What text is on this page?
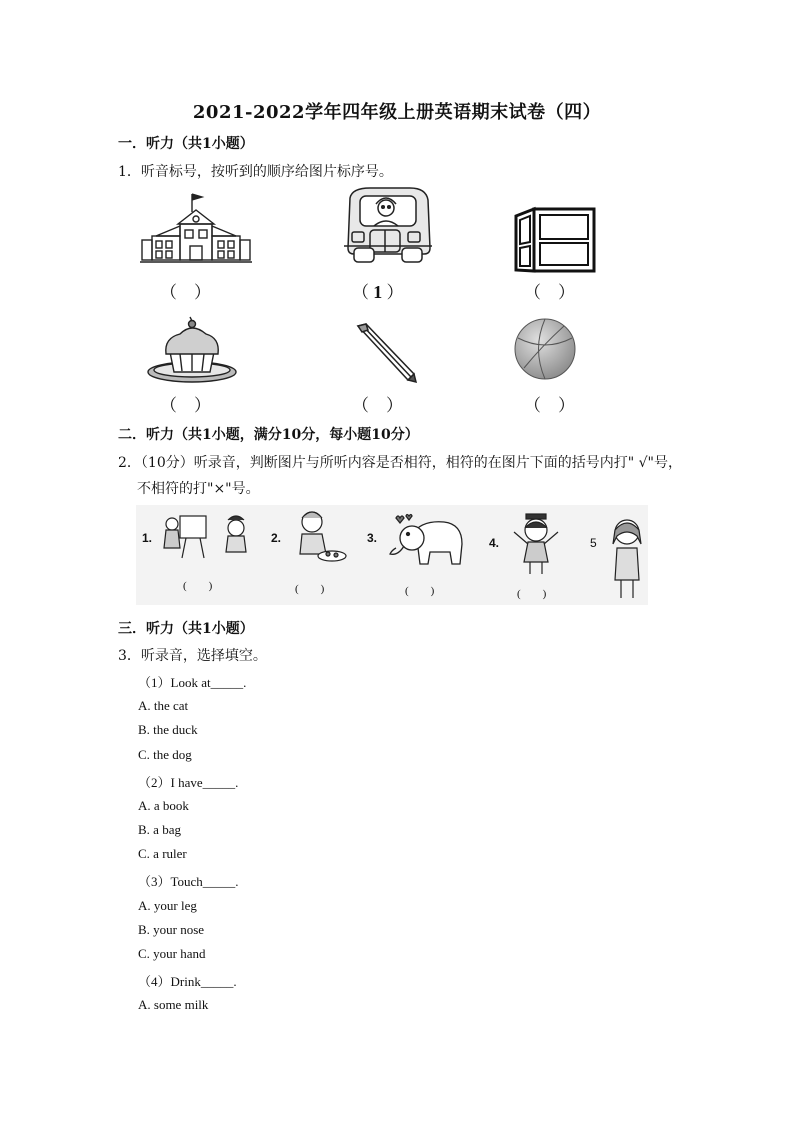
2021-2022学年四年级上册英语期末试卷（四）
一．听力（共1小题）
1．听音标号，按听到的顺序给图片标序号。
（ ）	（ 1 ）	（ ）
（ ）	（ ）	（ ）
二．听力（共1小题，满分10分，每小题10分）
2．（10分）听录音，判断图片与所听内容是否相符，相符的在图片下面的括号内打" √"号，
不相符的打"×"号。
1.
(        )
2.
(        )
3.
(        )
4.
(        )
5
三．听力（共1小题）
3．听录音，选择填空。
（1）Look at_____.
A. the cat
B. the duck
C. the dog
（2）I have_____.
A. a book
B. a bag
C. a ruler
（3）Touch_____.
A. your leg
B. your nose
C. your hand
（4）Drink_____.
A. some milk
